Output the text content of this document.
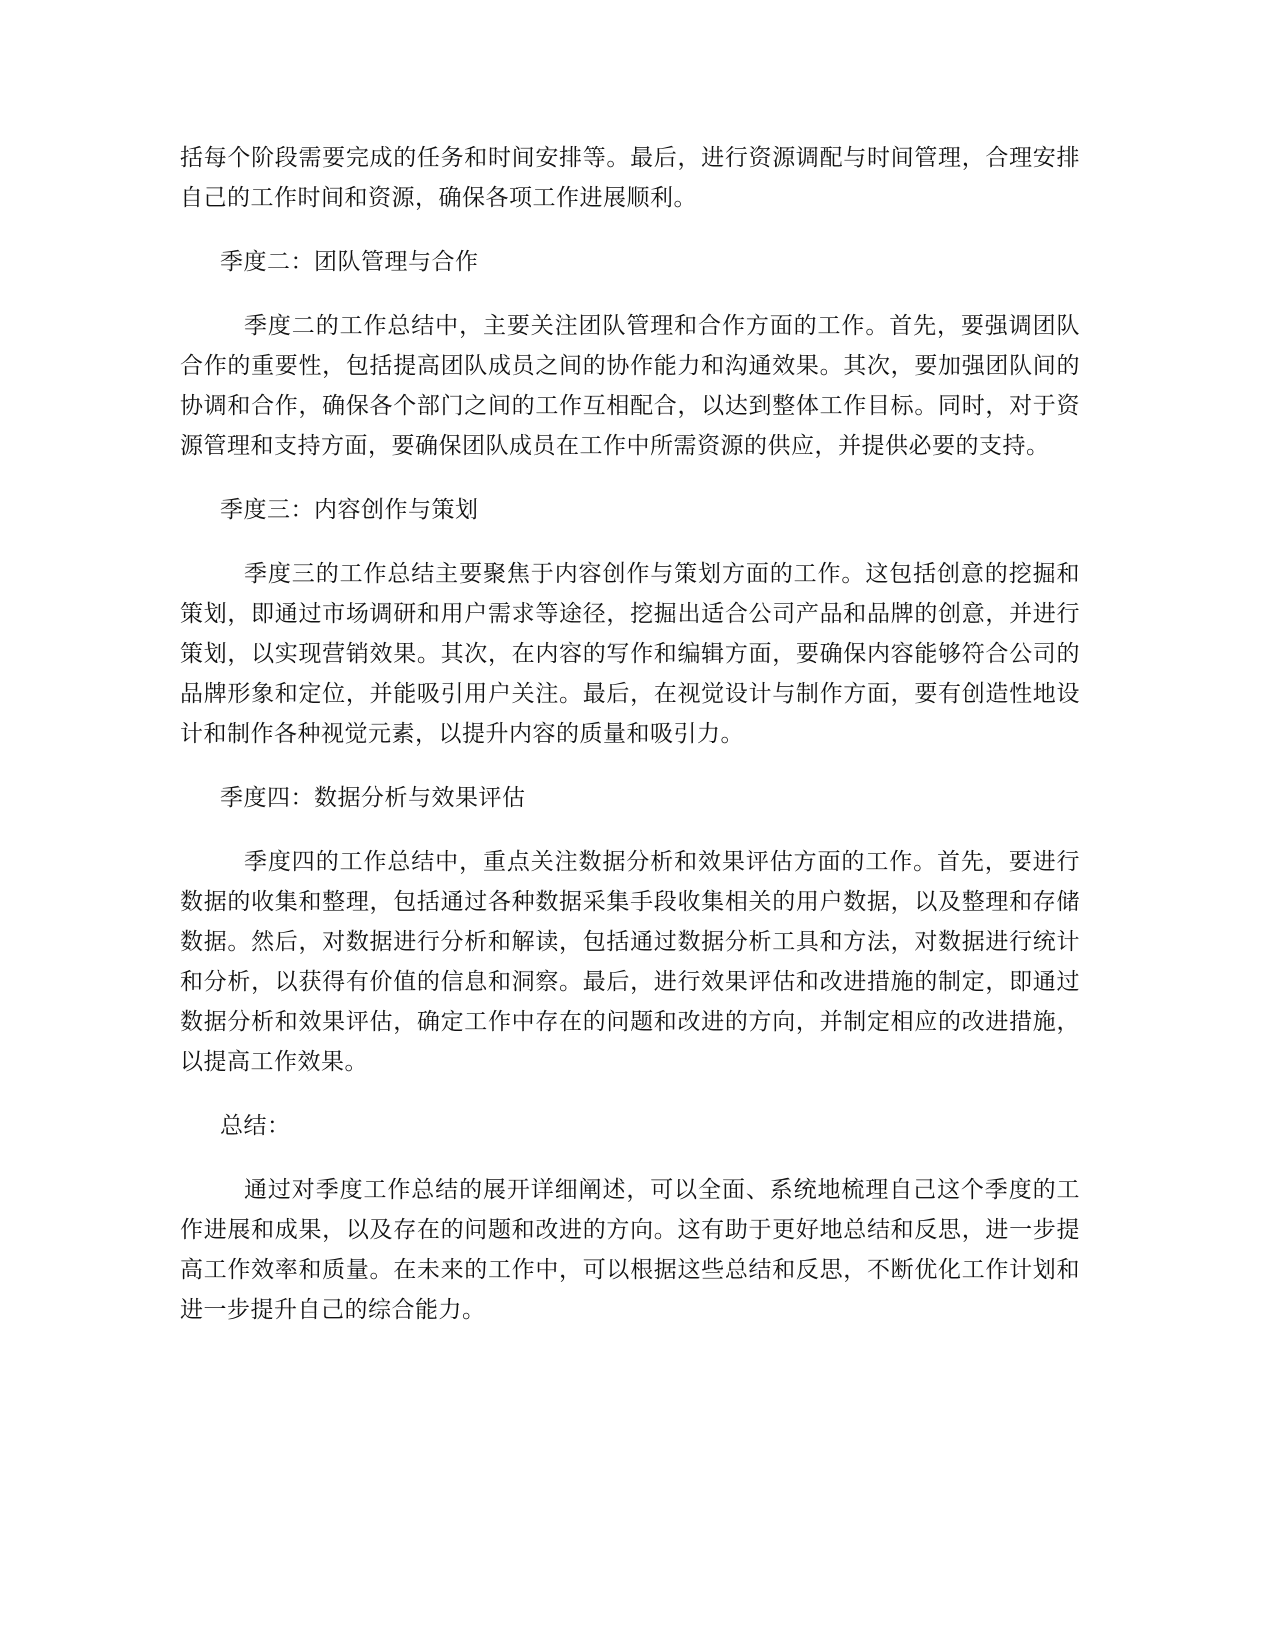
括每个阶段需要完成的任务和时间安排等。最后，进行资源调配与时间管理，合理安排自己的工作时间和资源，确保各项工作进展顺利。

季度二：团队管理与合作

季度二的工作总结中，主要关注团队管理和合作方面的工作。首先，要强调团队合作的重要性，包括提高团队成员之间的协作能力和沟通效果。其次，要加强团队间的协调和合作，确保各个部门之间的工作互相配合，以达到整体工作目标。同时，对于资源管理和支持方面，要确保团队成员在工作中所需资源的供应，并提供必要的支持。

季度三：内容创作与策划

季度三的工作总结主要聚焦于内容创作与策划方面的工作。这包括创意的挖掘和策划，即通过市场调研和用户需求等途径，挖掘出适合公司产品和品牌的创意，并进行策划，以实现营销效果。其次，在内容的写作和编辑方面，要确保内容能够符合公司的品牌形象和定位，并能吸引用户关注。最后，在视觉设计与制作方面，要有创造性地设计和制作各种视觉元素，以提升内容的质量和吸引力。

季度四：数据分析与效果评估

季度四的工作总结中，重点关注数据分析和效果评估方面的工作。首先，要进行数据的收集和整理，包括通过各种数据采集手段收集相关的用户数据，以及整理和存储数据。然后，对数据进行分析和解读，包括通过数据分析工具和方法，对数据进行统计和分析，以获得有价值的信息和洞察。最后，进行效果评估和改进措施的制定，即通过数据分析和效果评估，确定工作中存在的问题和改进的方向，并制定相应的改进措施，以提高工作效果。

总结：

通过对季度工作总结的展开详细阐述，可以全面、系统地梳理自己这个季度的工作进展和成果，以及存在的问题和改进的方向。这有助于更好地总结和反思，进一步提高工作效率和质量。在未来的工作中，可以根据这些总结和反思，不断优化工作计划和进一步提升自己的综合能力。
